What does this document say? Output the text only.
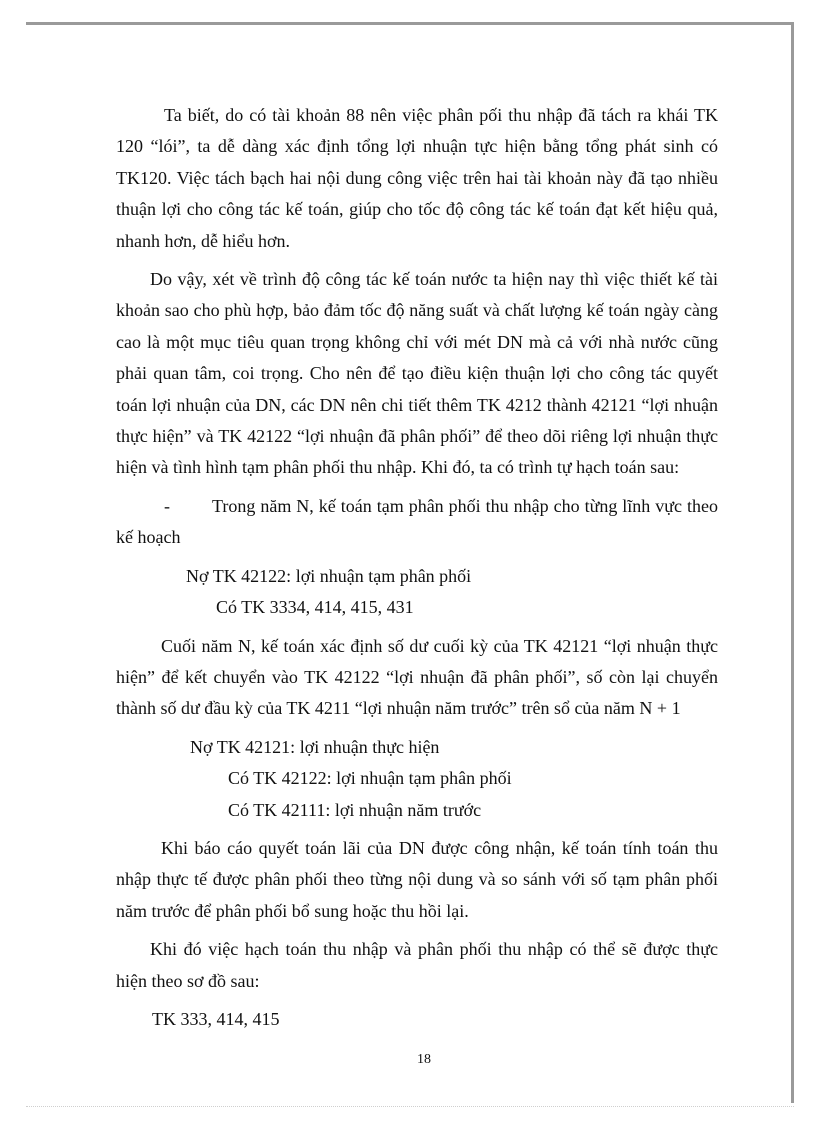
Ta biết, do có tài khoản 88 nên việc phân pối thu nhập đã tách ra khái TK 120 “lói”, ta dễ dàng xác định tổng lợi nhuận tực hiện bằng tổng phát sinh có TK120. Việc tách bạch hai nội dung công việc trên hai tài khoản này đã tạo nhiều thuận lợi cho công tác kế toán, giúp cho tốc độ công tác kế toán đạt kết hiệu quả, nhanh hơn, dễ hiểu hơn.

Do vậy, xét về trình độ công tác kế toán nước ta hiện nay thì việc thiết kế tài khoản sao cho phù hợp, bảo đảm tốc độ năng suất và chất lượng kế toán ngày càng cao là một mục tiêu quan trọng không chỉ với mét DN mà cả với nhà nước cũng phải quan tâm, coi trọng. Cho nên để tạo điều kiện thuận lợi cho công tác quyết toán lợi nhuận của DN, các DN nên chi tiết thêm TK 4212 thành 42121 “lợi nhuận thực hiện” và TK 42122 “lợi nhuận đã phân phối” để theo dõi riêng lợi nhuận thực hiện và tình hình tạm phân phối thu nhập. Khi đó, ta có trình tự hạch toán sau:

- Trong năm N, kế toán tạm phân phối thu nhập cho từng lĩnh vực theo kế hoạch

Nợ TK 42122: lợi nhuận tạm phân phối

Có TK 3334, 414, 415, 431

Cuối năm N, kế toán xác định số dư cuối kỳ của TK 42121 “lợi nhuận thực hiện” để kết chuyển vào TK 42122 “lợi nhuận đã phân phối”, số còn lại chuyển thành số dư đầu kỳ của TK 4211 “lợi nhuận năm trước” trên sổ của năm N + 1

Nợ TK 42121: lợi nhuận thực hiện

Có TK 42122: lợi nhuận tạm phân phối

Có TK 42111: lợi nhuận năm trước

Khi báo cáo quyết toán lãi của DN được công nhận, kế toán tính toán thu nhập thực tế được phân phối theo từng nội dung và so sánh với số tạm phân phối năm trước để phân phối bổ sung hoặc thu hồi lại.

Khi đó việc hạch toán thu nhập và phân phối thu nhập có thể sẽ được thực hiện theo sơ đồ sau:

TK 333, 414, 415

18
